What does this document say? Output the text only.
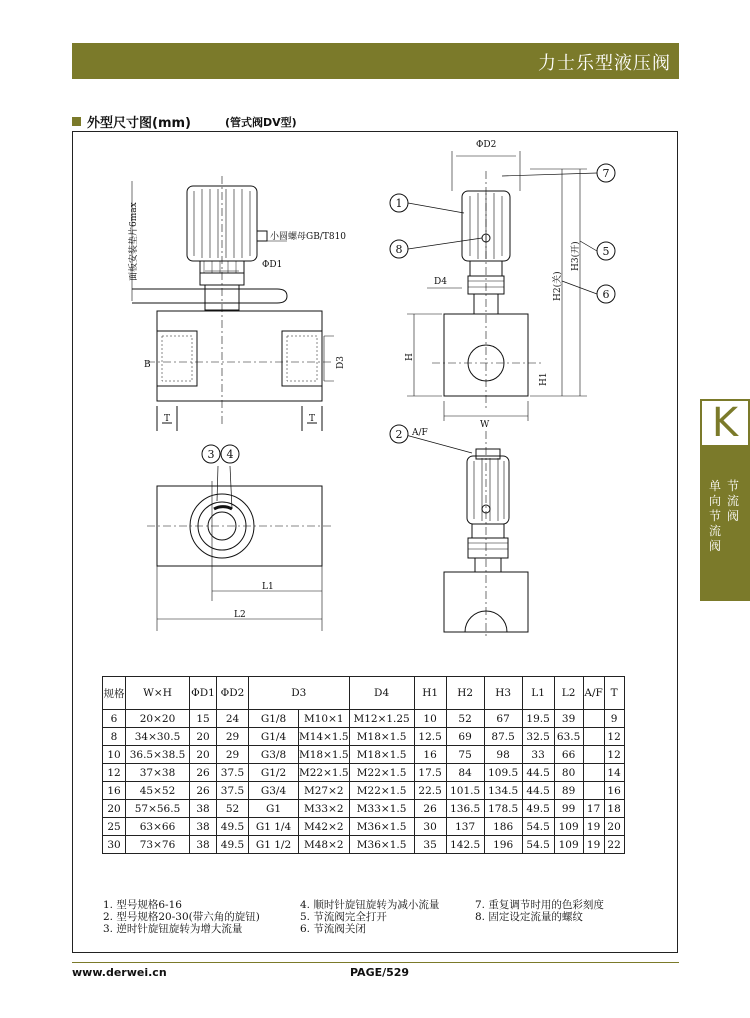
力士乐型液压阀
外型尺寸图(mm)	(管式阀DV型)
1
8
2
3 4
5
6
7
面板安装垫片6max	小圆螺母GB/T810
ΦD1
B	D3
T	T
L1
L2
ΦD2
D4
H
H2(关)
H3(开)
H1
W
A/F	K
单向节流阀
节流阀
规格	W×H	ΦD1	ΦD2	D3		D4	H1	H2	H3	L1	L2	A/F	T
6	20×20	15	24	G1/8	M10×1	M12×1.25	10	52	67	19.5	39		9
8	34×30.5	20	29	G1/4	M14×1.5	M18×1.5	12.5	69	87.5	32.5	63.5		12
10	36.5×38.5	20	29	G3/8	M18×1.5	M18×1.5	16	75	98	33	66		12
12	37×38	26	37.5	G1/2	M22×1.5	M22×1.5	17.5	84	109.5	44.5	80		14
16	45×52	26	37.5	G3/4	M27×2	M22×1.5	22.5	101.5	134.5	44.5	89		16
20	57×56.5	38	52	G1	M33×2	M33×1.5	26	136.5	178.5	49.5	99	17	18
25	63×66	38	49.5	G1 1/4	M42×2	M36×1.5	30	137	186	54.5	109	19	20
30	73×76	38	49.5	G1 1/2	M48×2	M36×1.5	35	142.5	196	54.5	109	19	22
1. 型号规格6-16
2. 型号规格20-30(带六角的旋钮)
3. 逆时针旋钮旋转为增大流量
4. 顺时针旋钮旋转为减小流量
5. 节流阀完全打开
6. 节流阀关闭
7. 重复调节时用的色彩刻度
8. 固定设定流量的螺纹
www.derwei.cn	PAGE/529
